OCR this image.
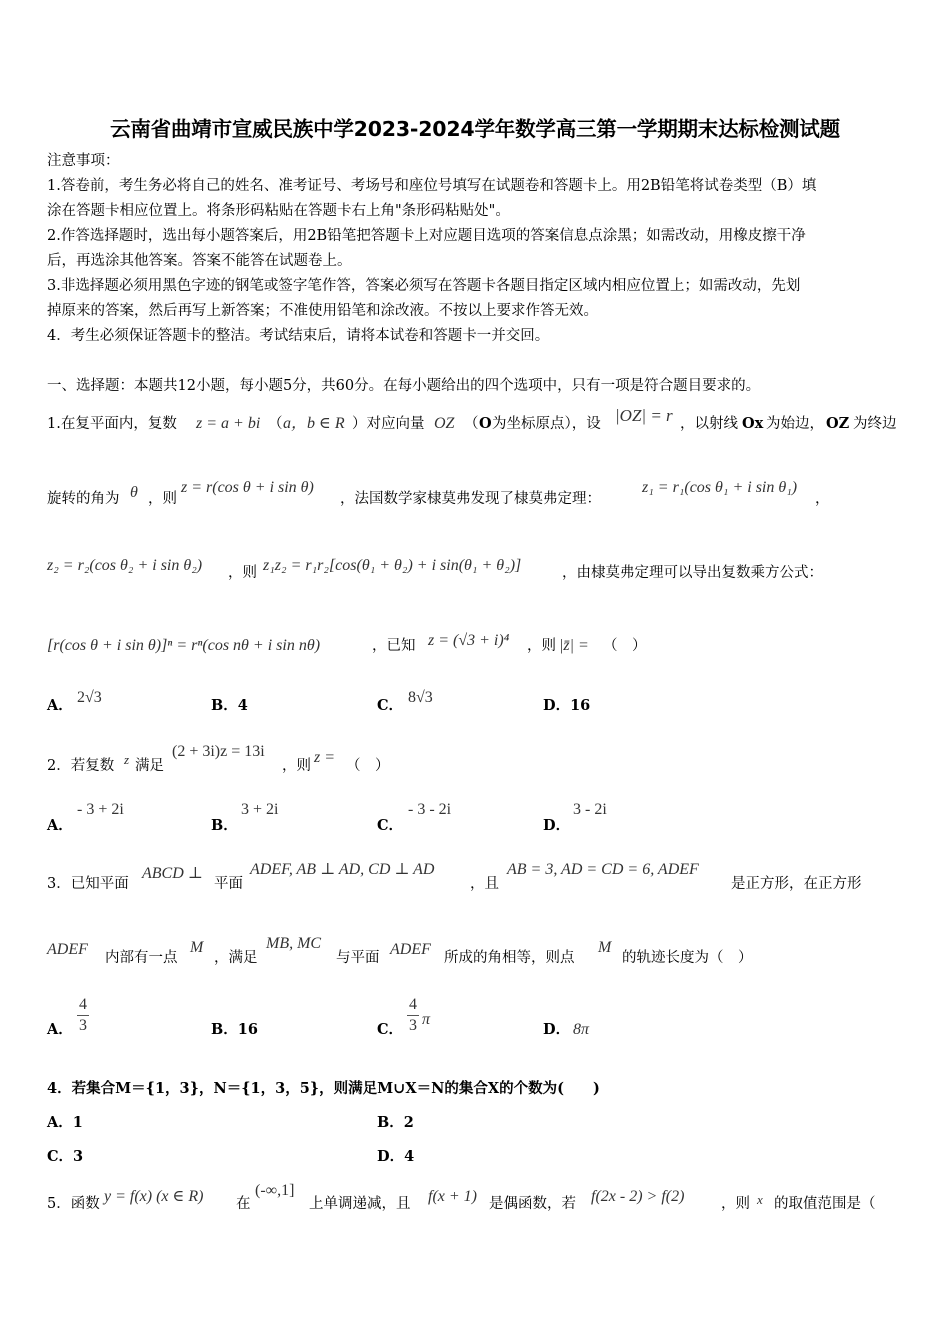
云南省曲靖市宣威民族中学2023-2024学年数学高三第一学期期末达标检测试题
注意事项：
1.答卷前，考生务必将自己的姓名、准考证号、考场号和座位号填写在试题卷和答题卡上。用2B铅笔将试卷类型（B）填
涂在答题卡相应位置上。将条形码粘贴在答题卡右上角"条形码粘贴处"。
2.作答选择题时，选出每小题答案后，用2B铅笔把答题卡上对应题目选项的答案信息点涂黑；如需改动，用橡皮擦干净
后，再选涂其他答案。答案不能答在试题卷上。
3.非选择题必须用黑色字迹的钢笔或签字笔作答，答案必须写在答题卡各题目指定区域内相应位置上；如需改动，先划
掉原来的答案，然后再写上新答案；不准使用铅笔和涂改液。不按以上要求作答无效。
4．考生必须保证答题卡的整洁。考试结束后，请将本试卷和答题卡一并交回。
一、选择题：本题共12小题，每小题5分，共60分。在每小题给出的四个选项中，只有一项是符合题目要求的。
1.在复平面内，复数 z = a + bi （ a，b ∈ R ）对应向量 OZ （ O 为坐标原点），设 |OZ| = r ，以射线 Ox 为始边， OZ 为终边
旋转的角为 θ ，则
z = r(cos θ + i sin θ)
，法国数学家棣莫弗发现了棣莫弗定理：
z₁ = r₁(cos θ₁ + i sin θ₁)
，
z₂ = r₂(cos θ₂ + i sin θ₂) ，则 z₁z₂ = r₁r₂[cos(θ₁ + θ₂) + i sin(θ₁ + θ₂)]	，由棣莫弗定理可以导出复数乘方公式：
[r(cos θ + i sin θ)]ⁿ = rⁿ(cos nθ + i sin nθ)	，已知 z = (√3 + i)⁴ ，则 |z̄| = （　）
A． 2√3	B．4	C． 8√3	D．16
2．若复数 z 满足
(2 + 3i)z = 13i
，则 z = （　）
A．
- 3 + 2i
B．
3 + 2i
C．
- 3 - 2i
D．
3 - 2i
3．已知平面
ABCD ⊥
平面
ADEF, AB ⊥ AD, CD ⊥ AD
，且
AB = 3, AD = CD = 6, ADEF
是正方形，在正方形
ADEF 内部有一点
M
，满足
MB, MC
与平面 ADEF 所成的角相等，则点
M
的轨迹长度为（　）
A．
4
3	B．16	C．
4
3 π
D． 8π
4．若集合M＝{1，3}，N＝{1，3，5}，则满足M∪X＝N的集合X的个数为(　　)
A．1	B．2
C．3	D．4
5．函数 y = f(x) (x ∈ R) 在
(-∞,1]
上单调递减，且 f(x + 1) 是偶函数，若 f(2x - 2) > f(2)	，则 x 的取值范围是（
